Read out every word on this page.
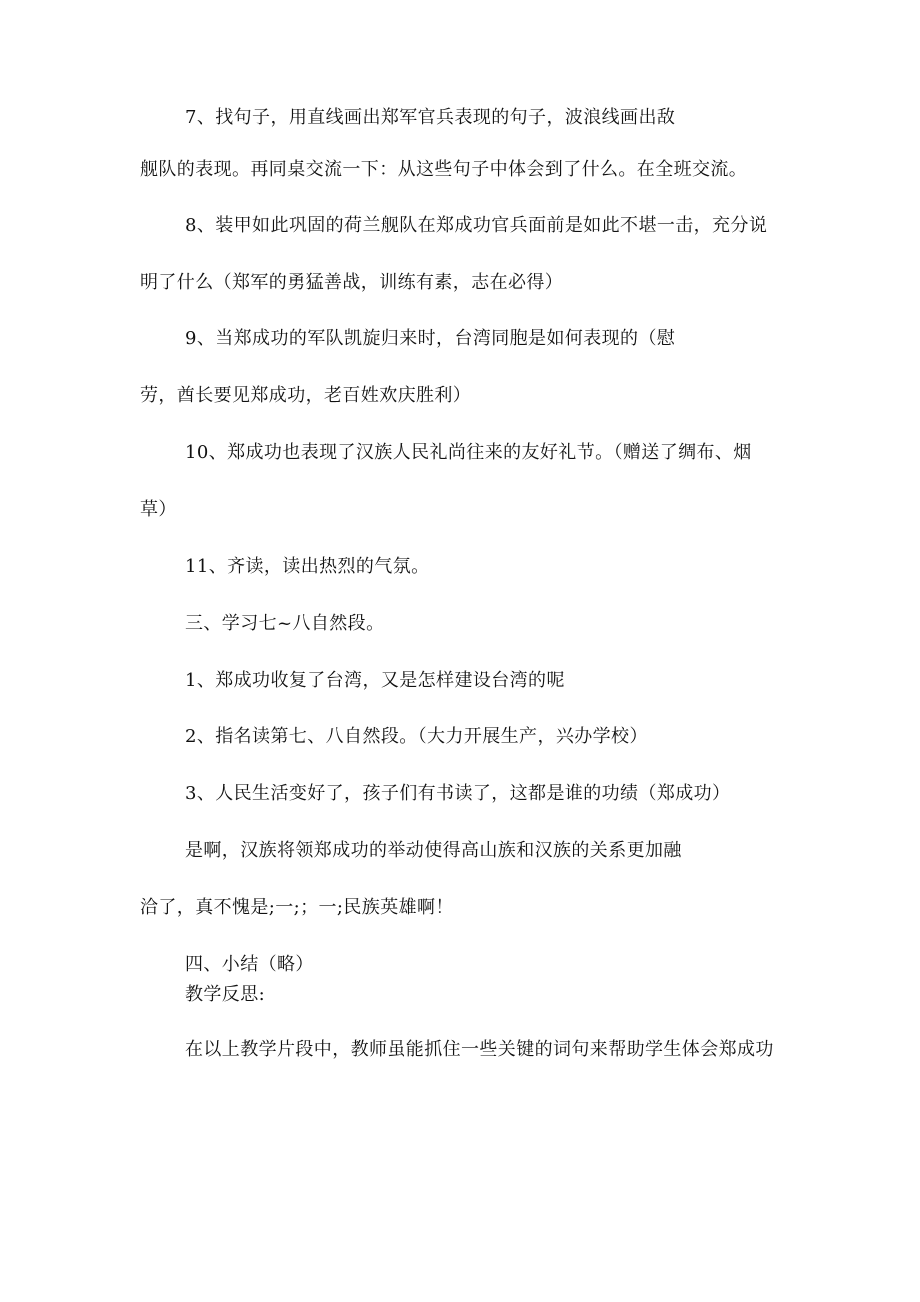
7、找句子，用直线画出郑军官兵表现的句子，波浪线画出敌
舰队的表现。再同桌交流一下：从这些句子中体会到了什么。在全班交流。
8、装甲如此巩固的荷兰舰队在郑成功官兵面前是如此不堪一击，充分说
明了什么（郑军的勇猛善战，训练有素，志在必得）
9、当郑成功的军队凯旋归来时，台湾同胞是如何表现的（慰
劳，酋长要见郑成功，老百姓欢庆胜利）
10、郑成功也表现了汉族人民礼尚往来的友好礼节。（赠送了绸布、烟
草）
11、齐读，读出热烈的气氛。
三、学习七~八自然段。
1、郑成功收复了台湾，又是怎样建设台湾的呢
2、指名读第七、八自然段。（大力开展生产，兴办学校）
3、人民生活变好了，孩子们有书读了，这都是谁的功绩（郑成功）
是啊，汉族将领郑成功的举动使得高山族和汉族的关系更加融
洽了，真不愧是;一;；一;民族英雄啊！
四、小结（略）
教学反思:
在以上教学片段中，教师虽能抓住一些关键的词句来帮助学生体会郑成功
